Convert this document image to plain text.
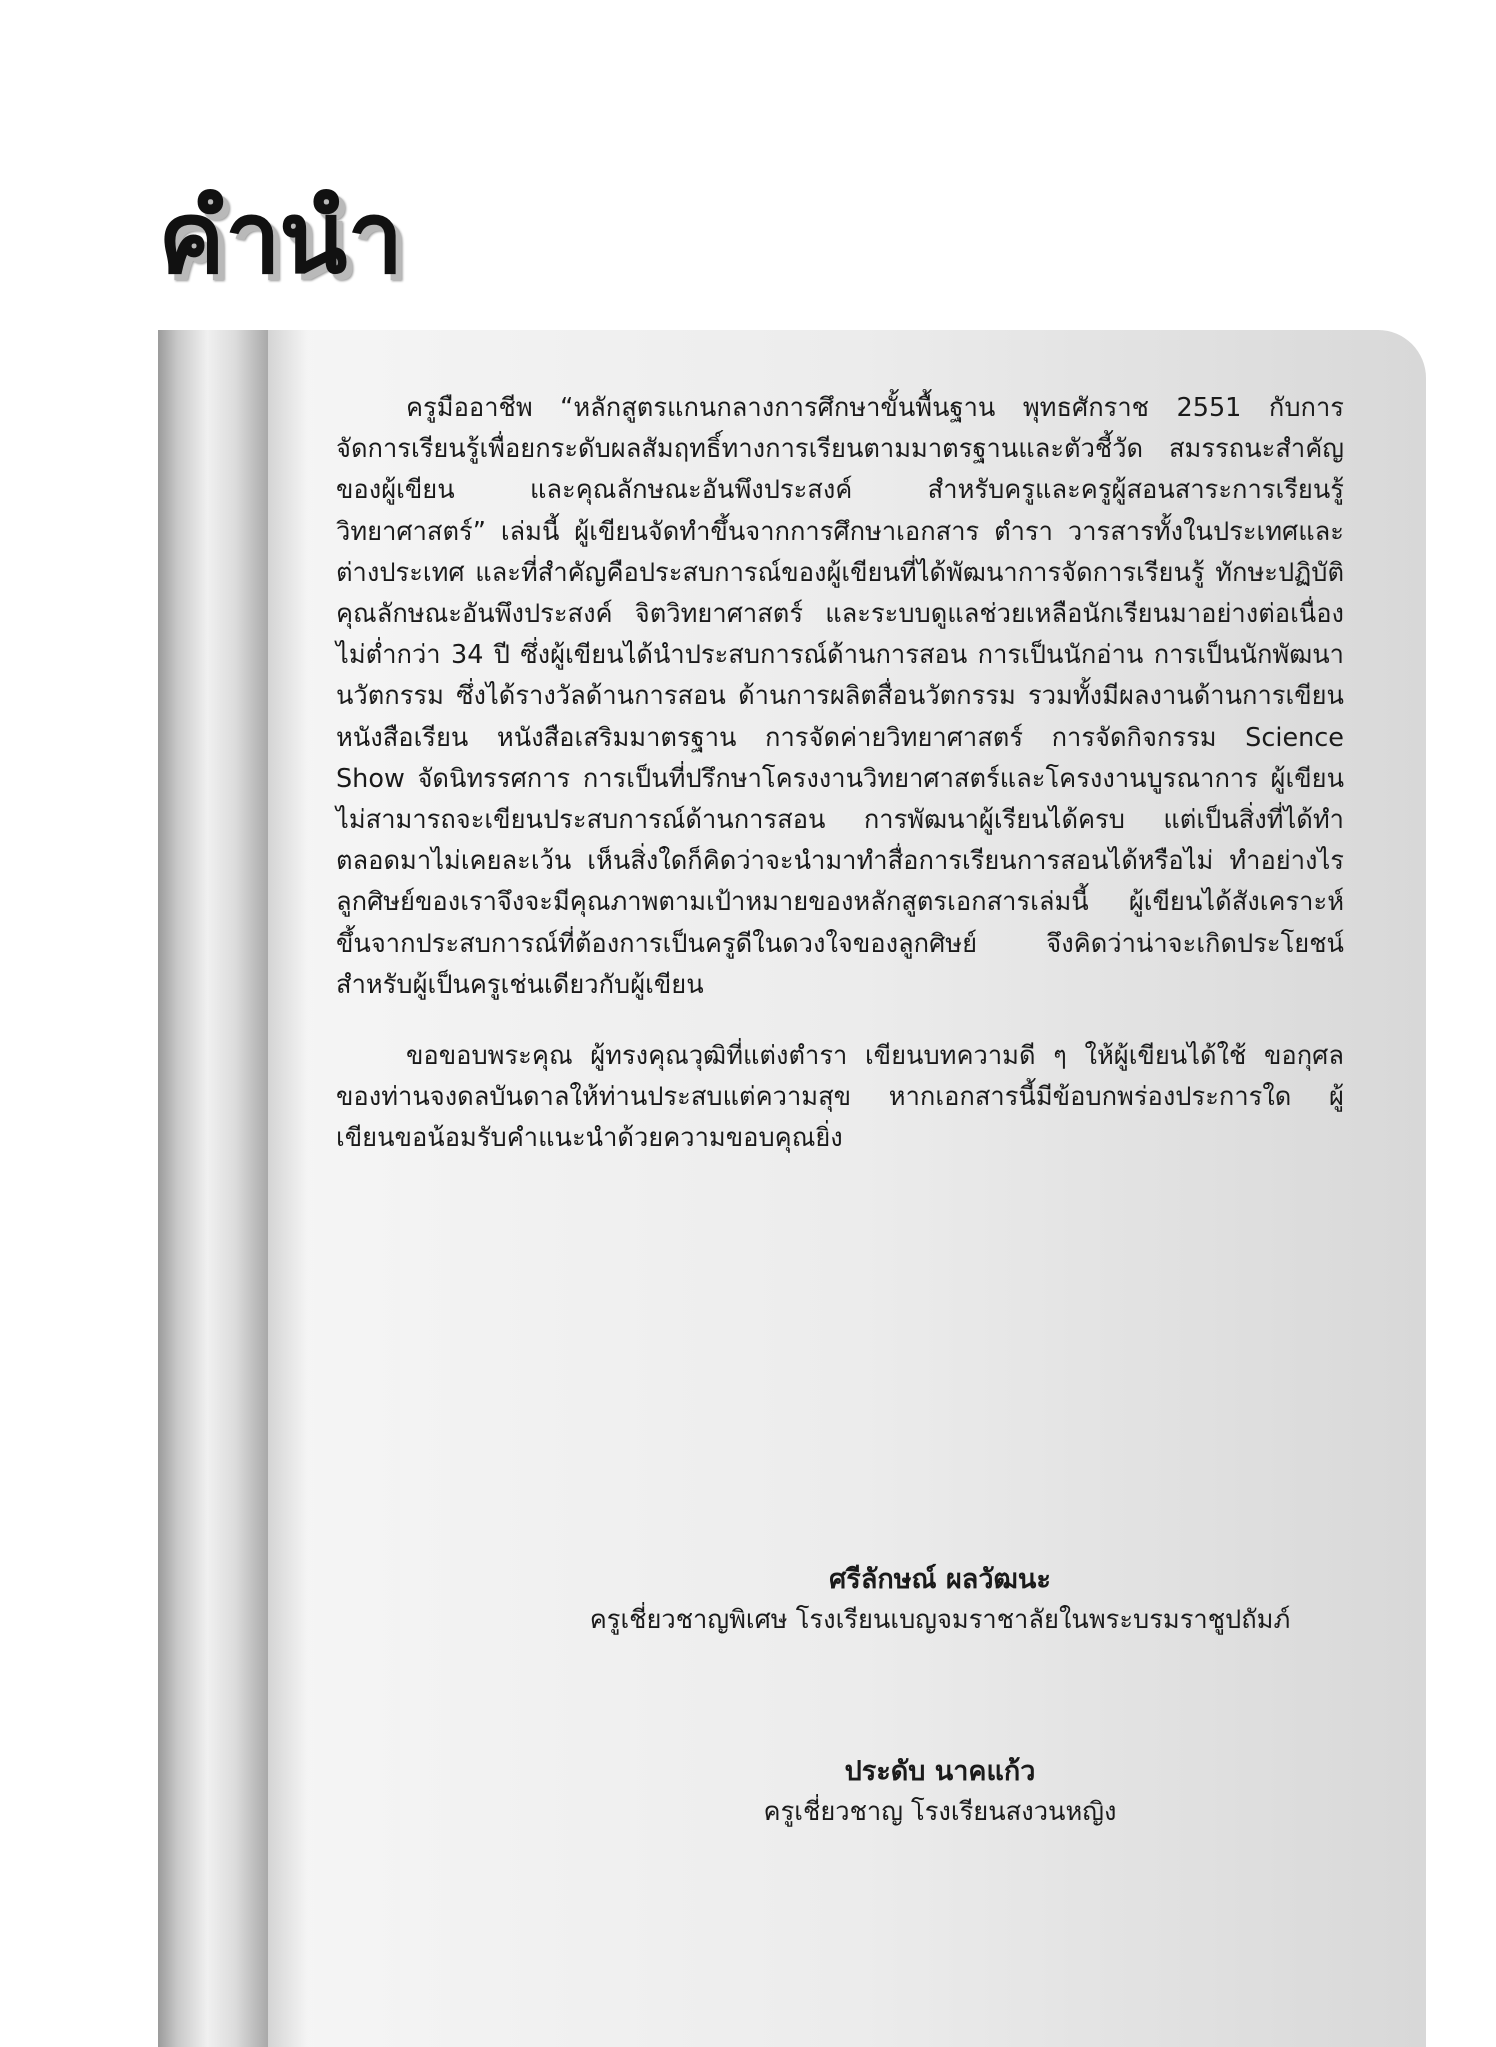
คำนำ

ครูมืออาชีพ “หลักสูตรแกนกลางการศึกษาขั้นพื้นฐาน พุทธศักราช 2551 กับการจัดการเรียนรู้เพื่อยกระดับผลสัมฤทธิ์ทางการเรียนตามมาตรฐานและตัวชี้วัด สมรรถนะสำคัญของผู้เขียน และคุณลักษณะอันพึงประสงค์ สำหรับครูและครูผู้สอนสาระการเรียนรู้วิทยาศาสตร์” เล่มนี้ ผู้เขียนจัดทำขึ้นจากการศึกษาเอกสาร ตำรา วารสารทั้งในประเทศและต่างประเทศ และที่สำคัญคือประสบการณ์ของผู้เขียนที่ได้พัฒนาการจัดการเรียนรู้ ทักษะปฏิบัติ คุณลักษณะอันพึงประสงค์ จิตวิทยาศาสตร์ และระบบดูแลช่วยเหลือนักเรียนมาอย่างต่อเนื่องไม่ต่ำกว่า 34 ปี ซึ่งผู้เขียนได้นำประสบการณ์ด้านการสอน การเป็นนักอ่าน การเป็นนักพัฒนานวัตกรรม ซึ่งได้รางวัลด้านการสอน ด้านการผลิตสื่อนวัตกรรม รวมทั้งมีผลงานด้านการเขียนหนังสือเรียน หนังสือเสริมมาตรฐาน การจัดค่ายวิทยาศาสตร์ การจัดกิจกรรม Science Show จัดนิทรรศการ การเป็นที่ปรึกษาโครงงานวิทยาศาสตร์และโครงงานบูรณาการ ผู้เขียนไม่สามารถจะเขียนประสบการณ์ด้านการสอน การพัฒนาผู้เรียนได้ครบ แต่เป็นสิ่งที่ได้ทำตลอดมาไม่เคยละเว้น เห็นสิ่งใดก็คิดว่าจะนำมาทำสื่อการเรียนการสอนได้หรือไม่ ทำอย่างไรลูกศิษย์ของเราจึงจะมีคุณภาพตามเป้าหมายของหลักสูตรเอกสารเล่มนี้ ผู้เขียนได้สังเคราะห์ขึ้นจากประสบการณ์ที่ต้องการเป็นครูดีในดวงใจของลูกศิษย์ จึงคิดว่าน่าจะเกิดประโยชน์สำหรับผู้เป็นครูเช่นเดียวกับผู้เขียน

ขอขอบพระคุณ ผู้ทรงคุณวุฒิที่แต่งตำรา เขียนบทความดี ๆ ให้ผู้เขียนได้ใช้ ขอกุศลของท่านจงดลบันดาลให้ท่านประสบแต่ความสุข หากเอกสารนี้มีข้อบกพร่องประการใด ผู้เขียนขอน้อมรับคำแนะนำด้วยความขอบคุณยิ่ง

ศรีลักษณ์ ผลวัฒนะ
ครูเชี่ยวชาญพิเศษ โรงเรียนเบญจมราชาลัยในพระบรมราชูปถัมภ์
ประดับ นาคแก้ว
ครูเชี่ยวชาญ โรงเรียนสงวนหญิง
